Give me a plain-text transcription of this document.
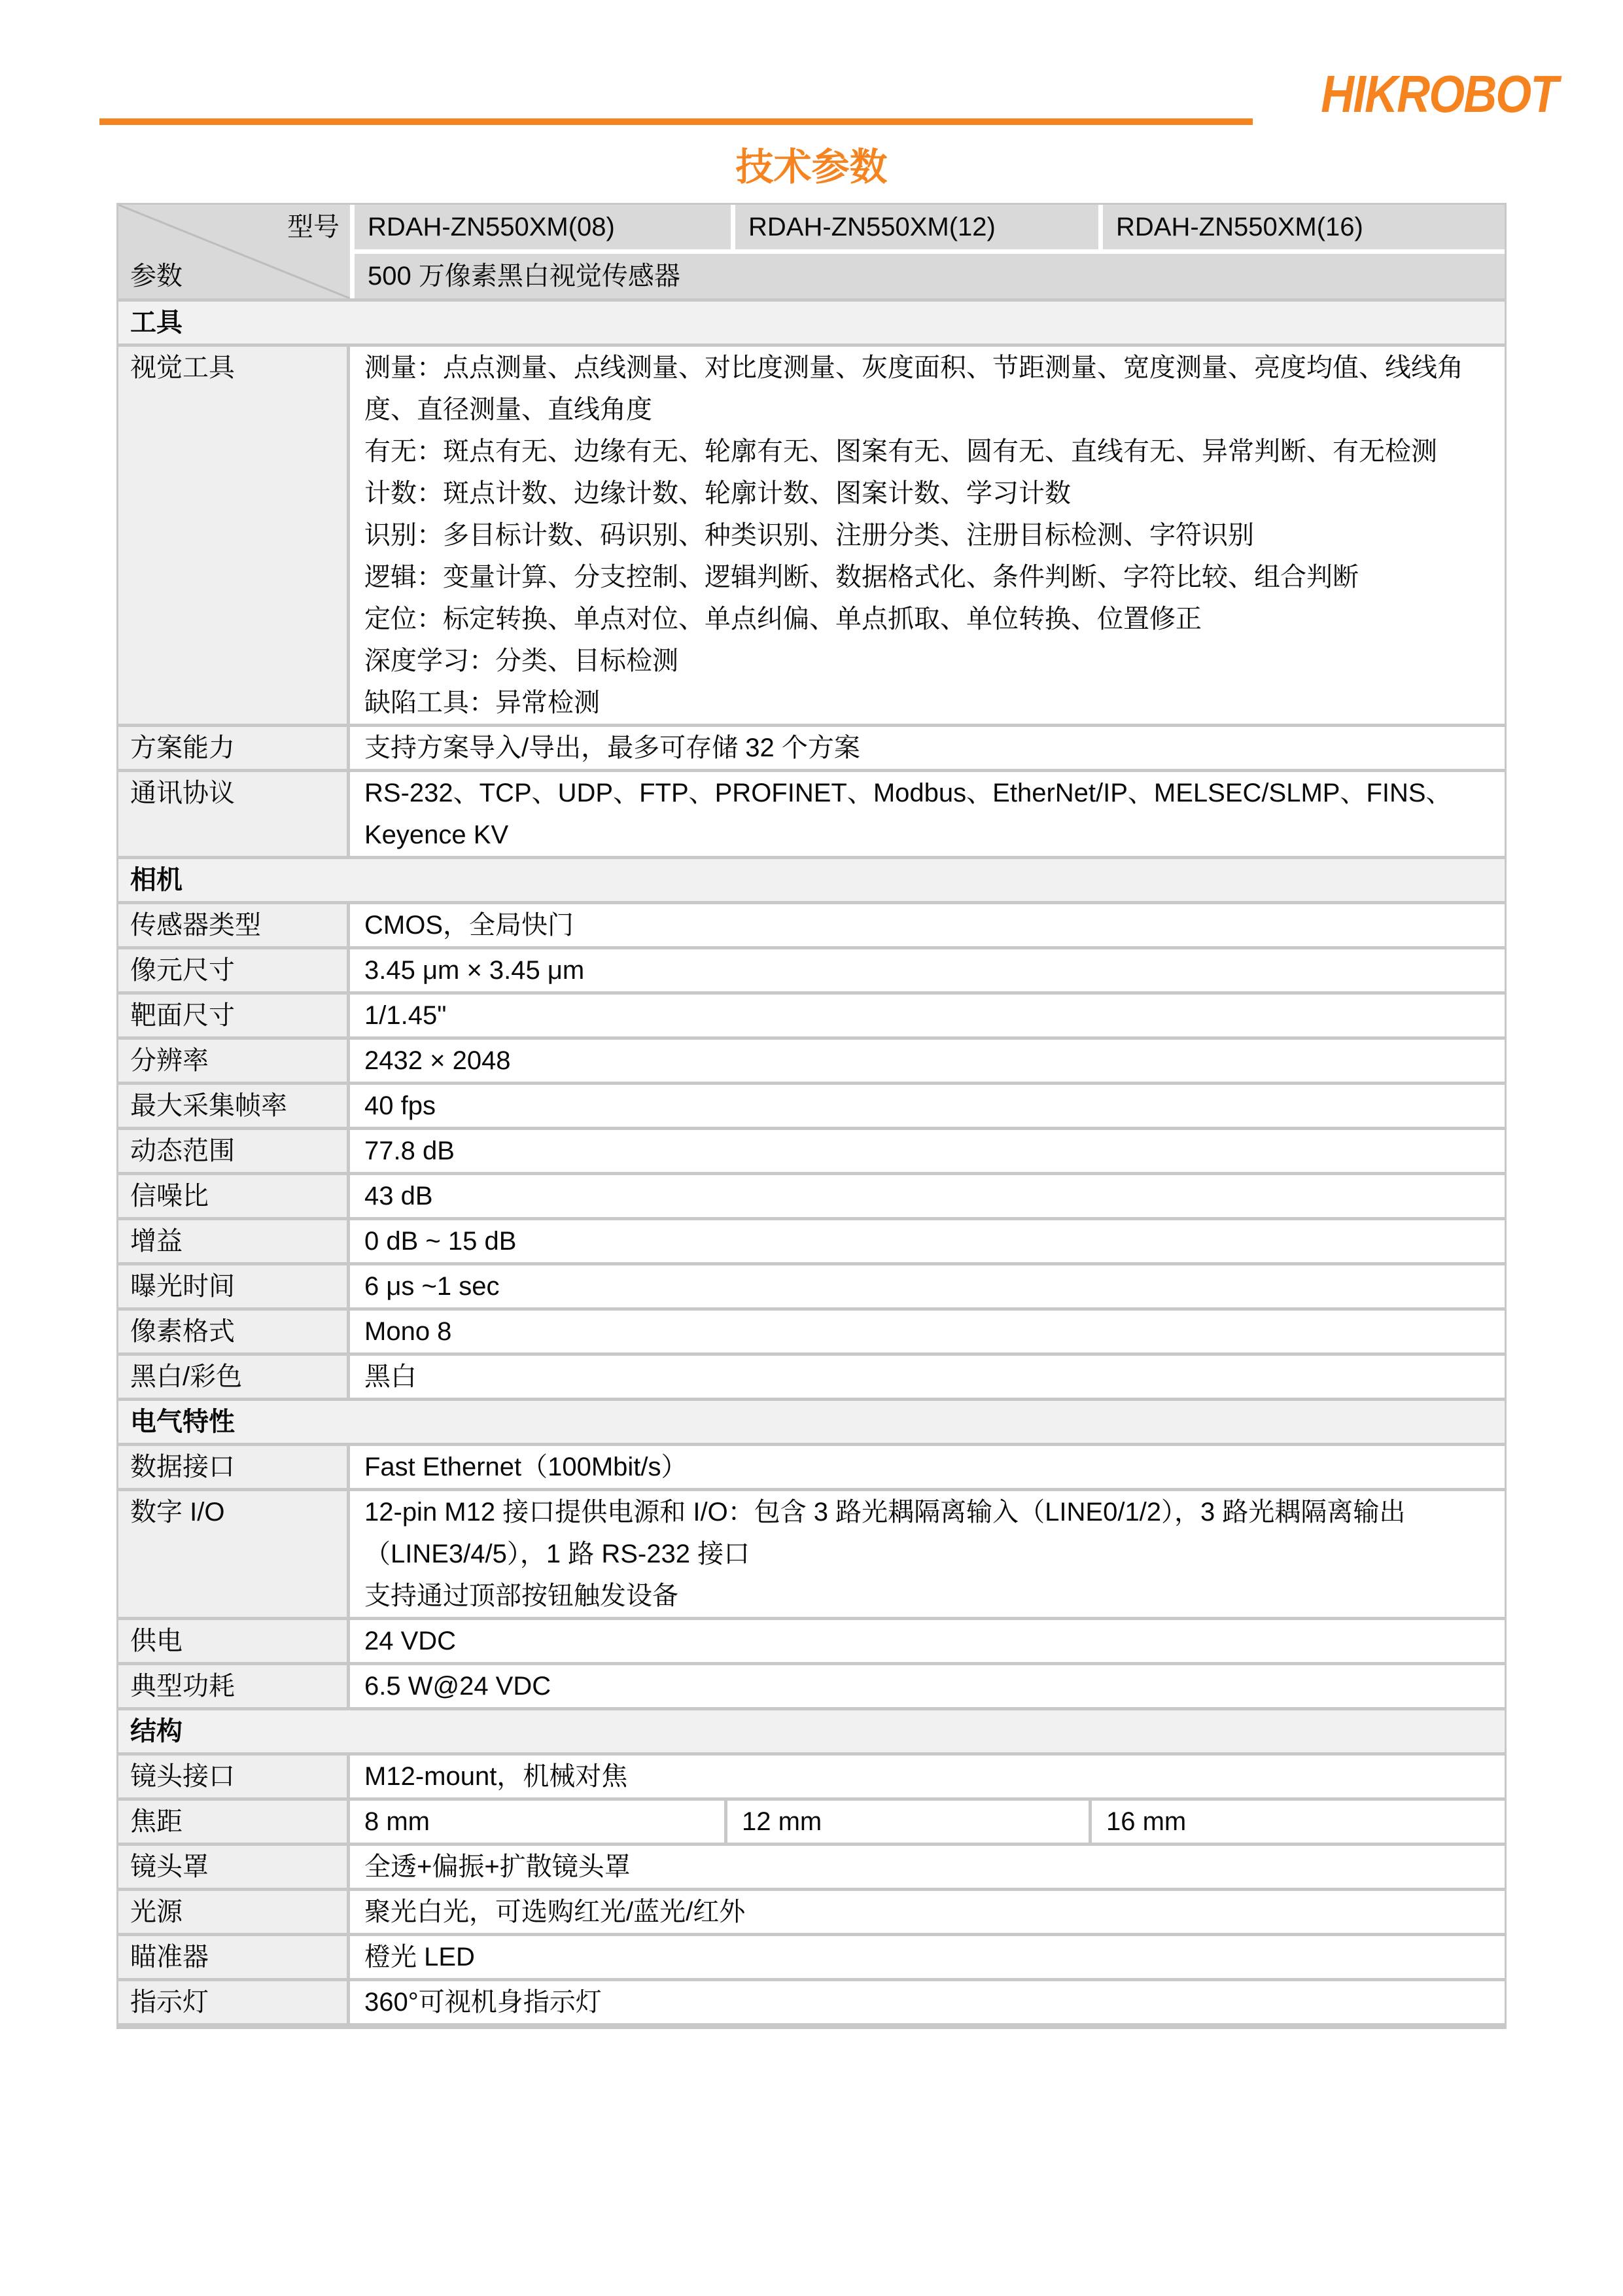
HIKROBOT
技术参数
型号
参数
RDAH-ZN550XM(08)	RDAH-ZN550XM(12)	RDAH-ZN550XM(16)
500 万像素黑白视觉传感器
工具
视觉工具	测量：点点测量、点线测量、对比度测量、灰度面积、节距测量、宽度测量、亮度均值、线线角度、直径测量、直线角度

有无：斑点有无、边缘有无、轮廓有无、图案有无、圆有无、直线有无、异常判断、有无检测

计数：斑点计数、边缘计数、轮廓计数、图案计数、学习计数

识别：多目标计数、码识别、种类识别、注册分类、注册目标检测、字符识别

逻辑：变量计算、分支控制、逻辑判断、数据格式化、条件判断、字符比较、组合判断

定位：标定转换、单点对位、单点纠偏、单点抓取、单位转换、位置修正

深度学习：分类、目标检测

缺陷工具：异常检测

方案能力	支持方案导入/导出，最多可存储 32 个方案
通讯协议	RS-232、TCP、UDP、FTP、PROFINET、Modbus、EtherNet/IP、MELSEC/SLMP、FINS、Keyence KV
相机
传感器类型	CMOS，全局快门
像元尺寸	3.45 μm × 3.45 μm
靶面尺寸	1/1.45"
分辨率	2432 × 2048
最大采集帧率	40 fps
动态范围	77.8 dB
信噪比	43 dB
增益	0 dB ~ 15 dB
曝光时间	6 μs ~1 sec
像素格式	Mono 8
黑白/彩色	黑白
电气特性
数据接口	Fast Ethernet（100Mbit/s）
数字 I/O	12-pin M12 接口提供电源和 I/O：包含 3 路光耦隔离输入（LINE0/1/2），3 路光耦隔离输出（LINE3/4/5），1 路 RS-232 接口

支持通过顶部按钮触发设备

供电	24 VDC
典型功耗	6.5 W@24 VDC
结构
镜头接口	M12-mount，机械对焦
焦距	8 mm	12 mm	16 mm
镜头罩	全透+偏振+扩散镜头罩
光源	聚光白光，可选购红光/蓝光/红外
瞄准器	橙光 LED
指示灯	360°可视机身指示灯
